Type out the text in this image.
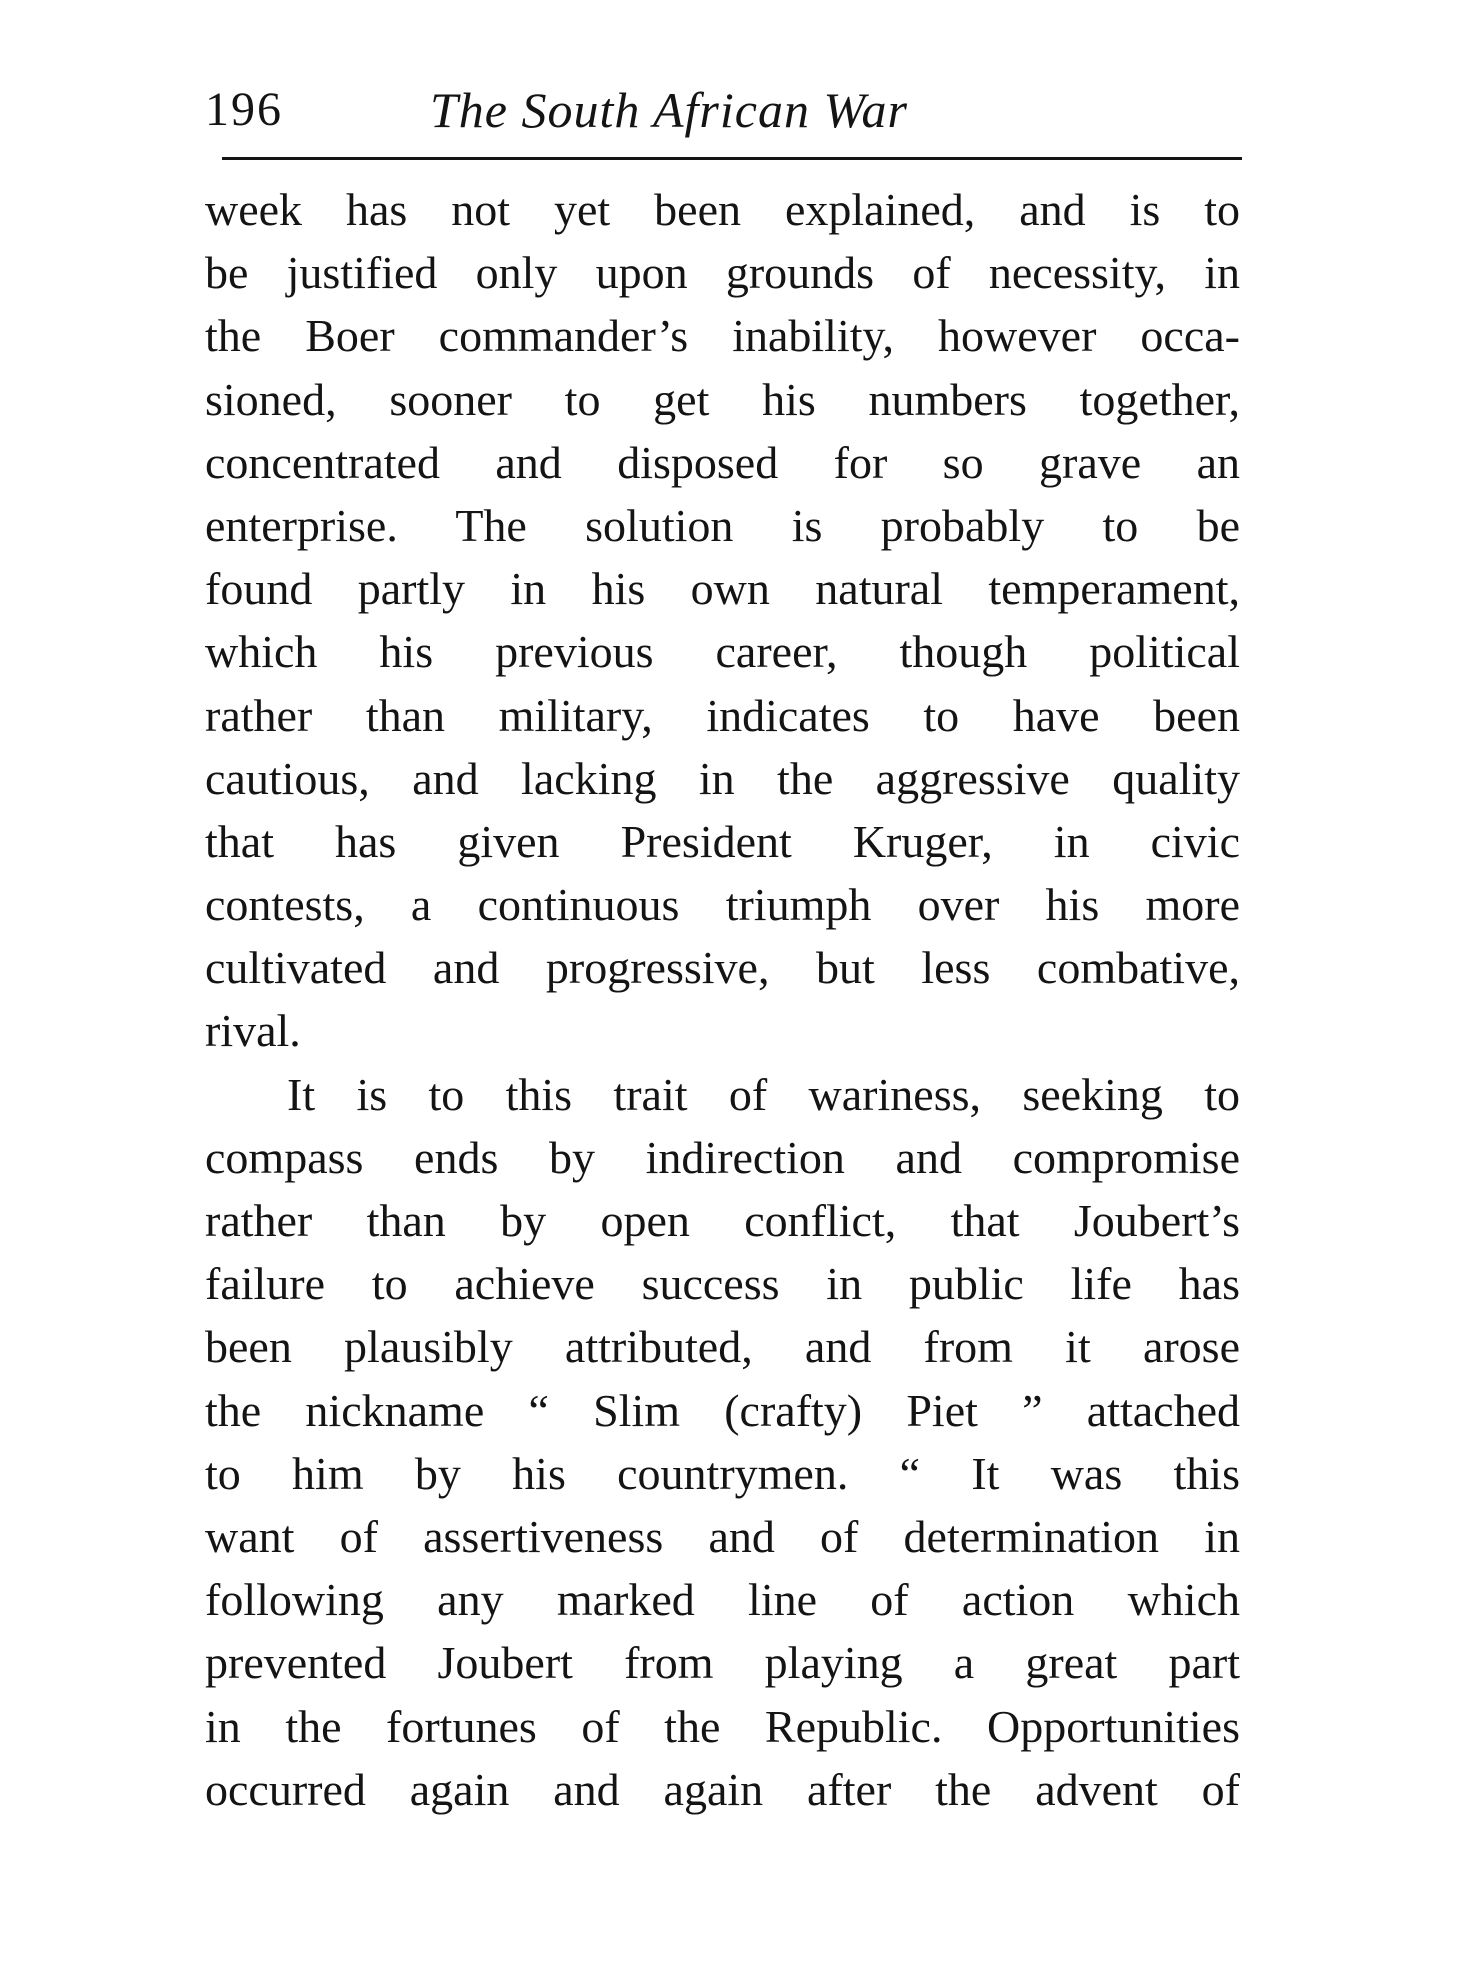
196	The South African War
week has not yet been explained, and is to
be justified only upon grounds of necessity, in
the Boer commander’s inability, however occa-
sioned, sooner to get his numbers together,
concentrated and disposed for so grave an
enterprise. The solution is probably to be
found partly in his own natural temperament,
which his previous career, though political
rather than military, indicates to have been
cautious, and lacking in the aggressive quality
that has given President Kruger, in civic
contests, a continuous triumph over his more
cultivated and progressive, but less combative,
rival.
It is to this trait of wariness, seeking to
compass ends by indirection and compromise
rather than by open conflict, that Joubert’s
failure to achieve success in public life has
been plausibly attributed, and from it arose
the nickname “ Slim (crafty) Piet ” attached
to him by his countrymen. “ It was this
want of assertiveness and of determination in
following any marked line of action which
prevented Joubert from playing a great part
in the fortunes of the Republic. Opportunities
occurred again and again after the advent of
